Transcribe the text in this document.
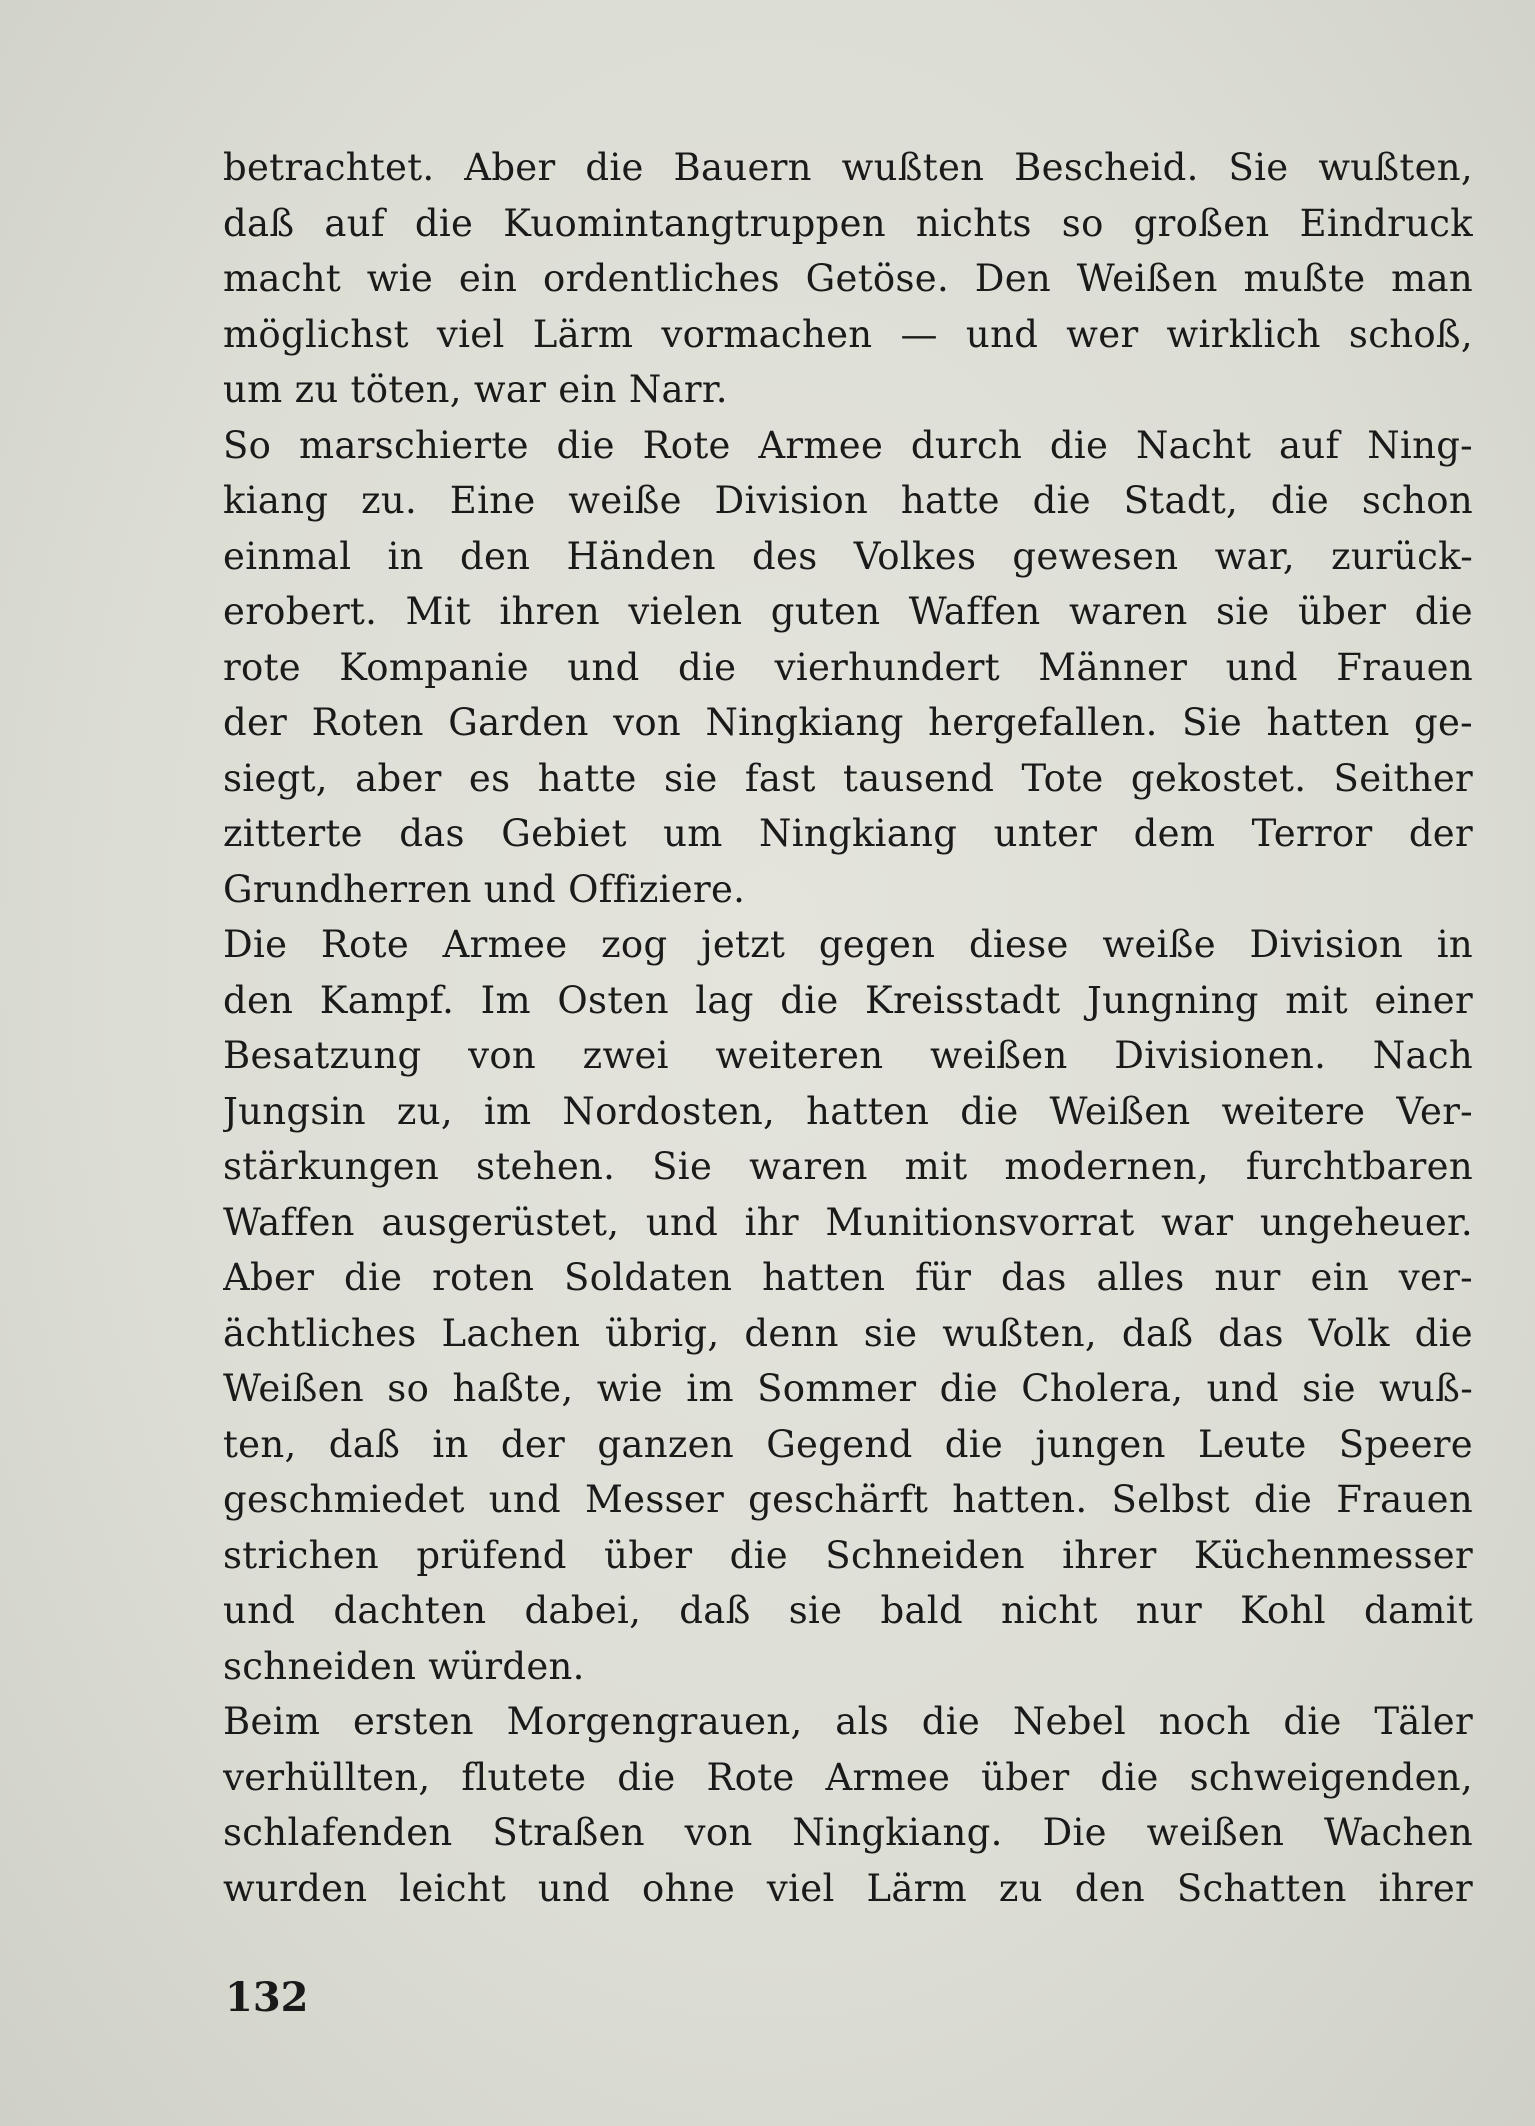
betrachtet. Aber die Bauern wußten Bescheid. Sie wußten,
daß auf die Kuomintangtruppen nichts so großen Eindruck
macht wie ein ordentliches Getöse. Den Weißen mußte man
möglichst viel Lärm vormachen — und wer wirklich schoß,
um zu töten, war ein Narr.
So marschierte die Rote Armee durch die Nacht auf Ning-
kiang zu. Eine weiße Division hatte die Stadt, die schon
einmal in den Händen des Volkes gewesen war, zurück-
erobert. Mit ihren vielen guten Waffen waren sie über die
rote Kompanie und die vierhundert Männer und Frauen
der Roten Garden von Ningkiang hergefallen. Sie hatten ge-
siegt, aber es hatte sie fast tausend Tote gekostet. Seither
zitterte das Gebiet um Ningkiang unter dem Terror der
Grundherren und Offiziere.
Die Rote Armee zog jetzt gegen diese weiße Division in
den Kampf. Im Osten lag die Kreisstadt Jungning mit einer
Besatzung von zwei weiteren weißen Divisionen. Nach
Jungsin zu, im Nordosten, hatten die Weißen weitere Ver-
stärkungen stehen. Sie waren mit modernen, furchtbaren
Waffen ausgerüstet, und ihr Munitionsvorrat war ungeheuer.
Aber die roten Soldaten hatten für das alles nur ein ver-
ächtliches Lachen übrig, denn sie wußten, daß das Volk die
Weißen so haßte, wie im Sommer die Cholera, und sie wuß-
ten, daß in der ganzen Gegend die jungen Leute Speere
geschmiedet und Messer geschärft hatten. Selbst die Frauen
strichen prüfend über die Schneiden ihrer Küchenmesser
und dachten dabei, daß sie bald nicht nur Kohl damit
schneiden würden.
Beim ersten Morgengrauen, als die Nebel noch die Täler
verhüllten, flutete die Rote Armee über die schweigenden,
schlafenden Straßen von Ningkiang. Die weißen Wachen
wurden leicht und ohne viel Lärm zu den Schatten ihrer
132
